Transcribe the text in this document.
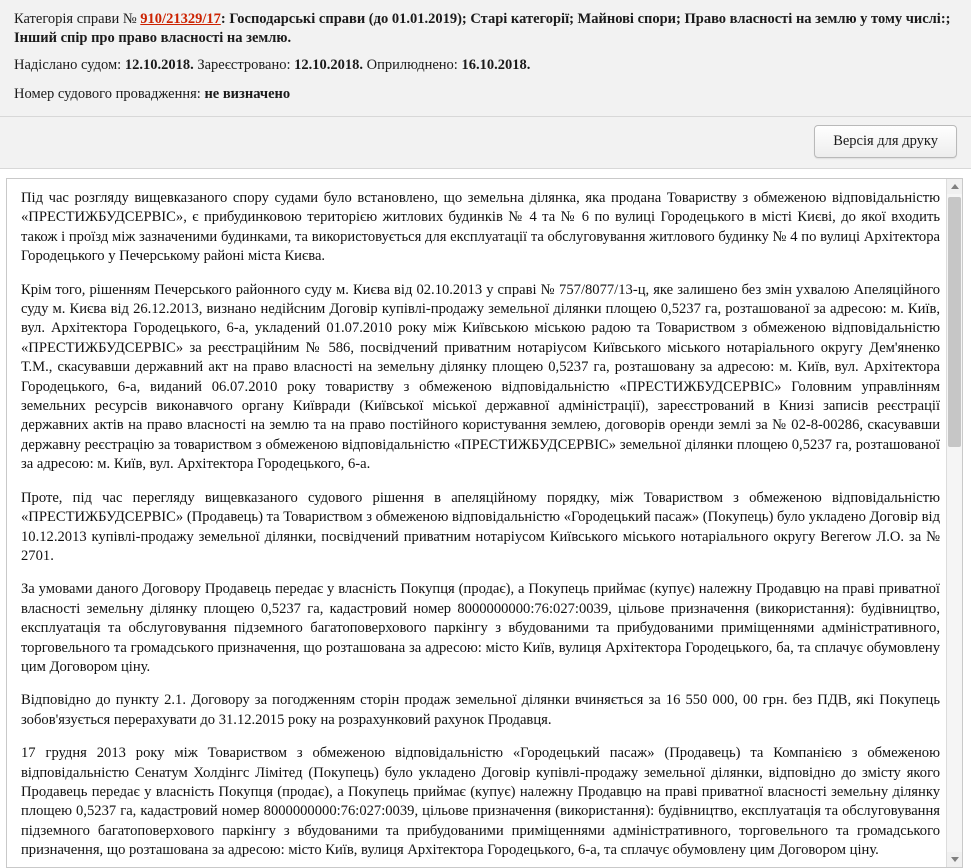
Категорія справи № 910/21329/17: Господарські справи (до 01.01.2019); Старі категорії; Майнові спори; Право власності на землю у тому числі:; Інший спір про право власності на землю.

Надіслано судом: 12.10.2018. Зареєстровано: 12.10.2018. Оприлюднено: 16.10.2018.

Номер судового провадження: не визначено

Версія для друку

Під час розгляду вищевказаного спору судами було встановлено, що земельна ділянка, яка продана Товариству з обмеженою відповідальністю «ПРЕСТИЖБУДСЕРВІС», є прибудинковою територією житлових будинків № 4 та № 6 по вулиці Городецького в місті Києві, до якої входить також і проїзд між зазначеними будинками, та використовується для експлуатації та обслуговування житлового будинку № 4 по вулиці Архітектора Городецького у Печерському районі міста Києва.

Крім того, рішенням Печерського районного суду м. Києва від 02.10.2013 у справі № 757/8077/13-ц, яке залишено без змін ухвалою Апеляційного суду м. Києва від 26.12.2013, визнано недійсним Договір купівлі-продажу земельної ділянки площею 0,5237 га, розташованої за адресою: м. Київ, вул. Архітектора Городецького, 6-а, укладений 01.07.2010 року між Київською міською радою та Товариством з обмеженою відповідальністю «ПРЕСТИЖБУДСЕРВІС» за реєстраційним № 586, посвідчений приватним нотаріусом Київського міського нотаріального округу Дем'яненко Т.М., скасувавши державний акт на право власності на земельну ділянку площею 0,5237 га, розташовану за адресою: м. Київ, вул. Архітектора Городецького, 6-а, виданий 06.07.2010 року товариству з обмеженою відповідальністю «ПРЕСТИЖБУДСЕРВІС» Головним управлінням земельних ресурсів виконавчого органу Київради (Київської міської державної адміністрації), зареєстрований в Книзі записів реєстрації державних актів на право власності на землю та на право постійного користування землею, договорів оренди землі за № 02-8-00286, скасувавши державну реєстрацію за товариством з обмеженою відповідальністю «ПРЕСТИЖБУДСЕРВІС» земельної ділянки площею 0,5237 га, розташованої за адресою: м. Київ, вул. Архітектора Городецького, 6-а.

Проте, під час перегляду вищевказаного судового рішення в апеляційному порядку, між Товариством з обмеженою відповідальністю «ПРЕСТИЖБУДСЕРВІС» (Продавець) та Товариством з обмеженою відповідальністю «Городецький пасаж» (Покупець) було укладено Договір від 10.12.2013 купівлі-продажу земельної ділянки, посвідчений приватним нотаріусом Київського міського нотаріального округу Вегеrow Л.О. за № 2701.

За умовами даного Договору Продавець передає у власність Покупця (продає), а Покупець приймає (купує) належну Продавцю на праві приватної власності земельну ділянку площею 0,5237 га, кадастровий номер 8000000000:76:027:0039, цільове призначення (використання): будівництво, експлуатація та обслуговування підземного багатоповерхового паркінгу з вбудованими та прибудованими приміщеннями адміністративного, торговельного та громадського призначення, що розташована за адресою: місто Київ, вулиця Архітектора Городецького, ба, та сплачує обумовлену цим Договором ціну.

Відповідно до пункту 2.1. Договору за погодженням сторін продаж земельної ділянки вчиняється за 16 550 000, 00 грн. без ПДВ, які Покупець зобов'язується перерахувати до 31.12.2015 року на розрахунковий рахунок Продавця.

17 грудня 2013 року між Товариством з обмеженою відповідальністю «Городецький пасаж» (Продавець) та Компанією з обмеженою відповідальністю Сенатум Холдінгс Лімітед (Покупець) було укладено Договір купівлі-продажу земельної ділянки, відповідно до змісту якого Продавець передає у власність Покупця (продає), а Покупець приймає (купує) належну Продавцю на праві приватної власності земельну ділянку площею 0,5237 га, кадастровий номер 8000000000:76:027:0039, цільове призначення (використання): будівництво, експлуатація та обслуговування підземного багатоповерхового паркінгу з вбудованими та прибудованими приміщеннями адміністративного, торговельного та громадського призначення, що розташована за адресою: місто Київ, вулиця Архітектора Городецького, 6-а, та сплачує обумовлену цим Договором ціну.
